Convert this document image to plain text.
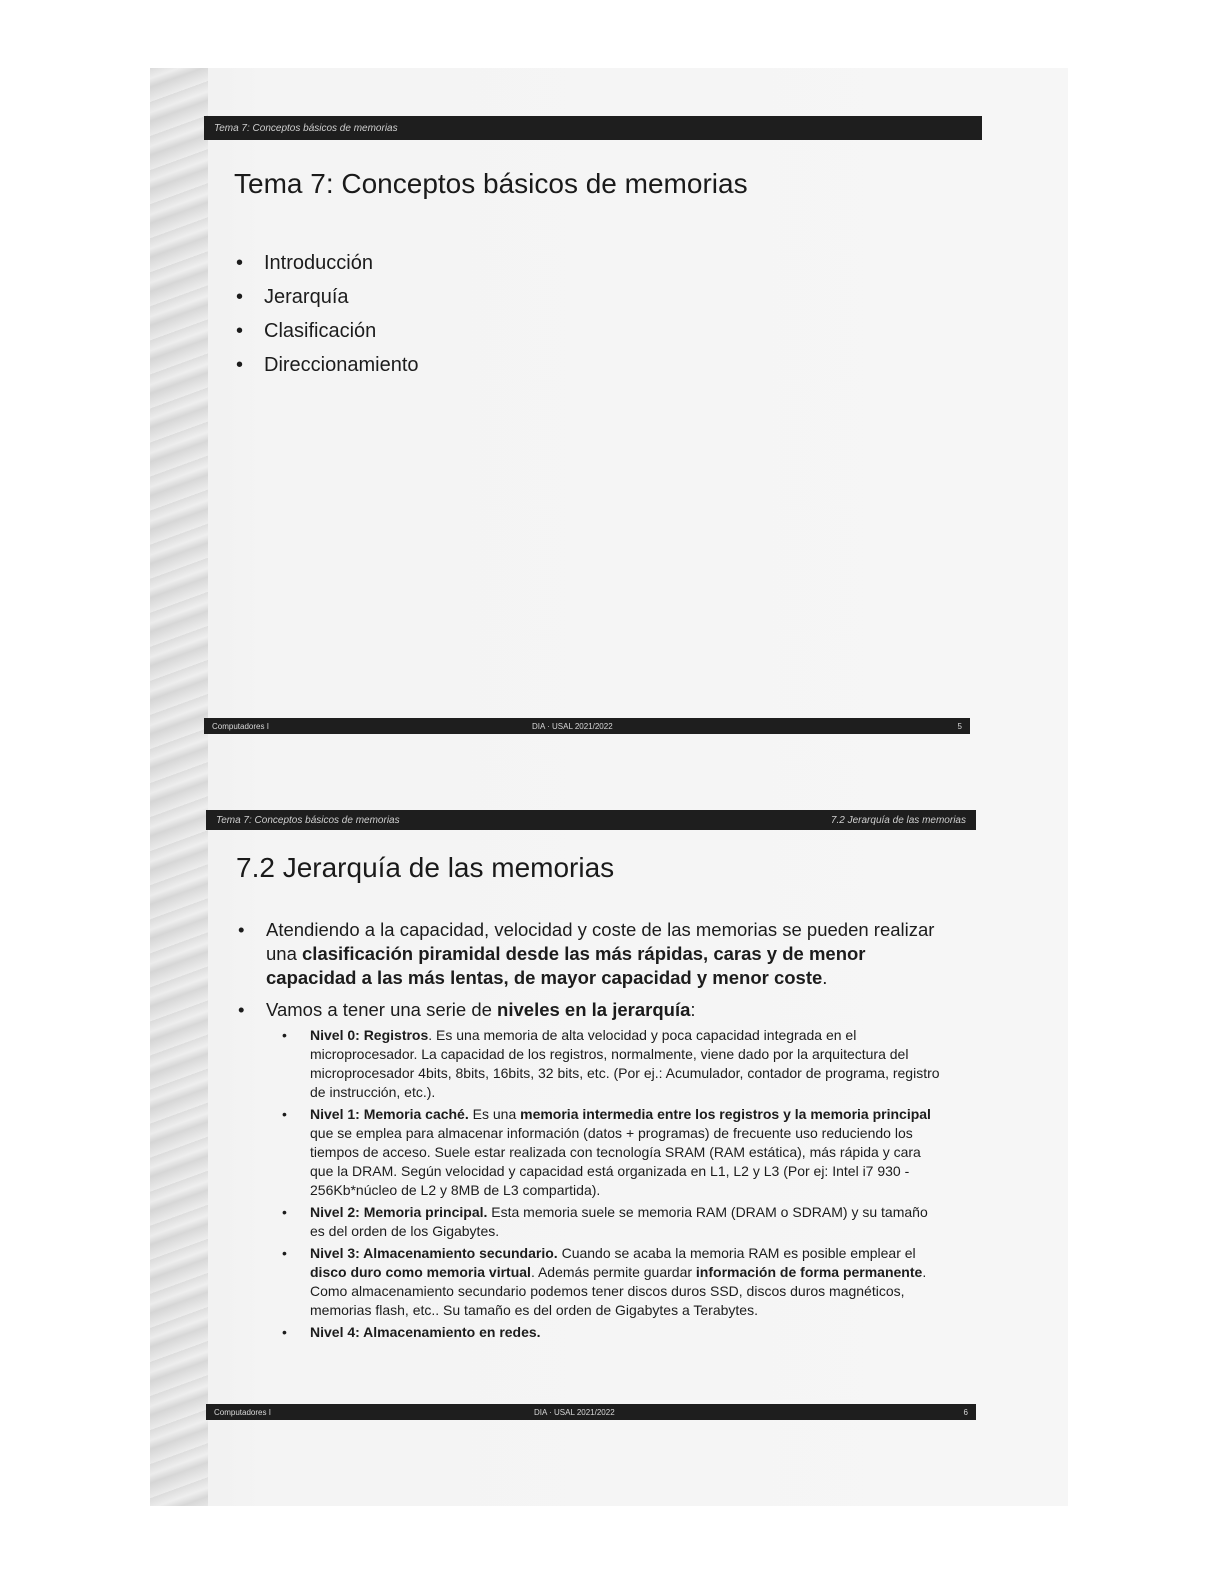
Tema 7: Conceptos básicos de memorias
Tema 7: Conceptos básicos de memorias
• Introducción
• Jerarquía
• Clasificación
• Direccionamiento
Computadores I	DIA · USAL 2021/2022	5
Tema 7: Conceptos básicos de memorias	7.2 Jerarquía de las memorias
7.2 Jerarquía de las memorias
• Atendiendo a la capacidad, velocidad y coste de las memorias se pueden realizar una clasificación piramidal desde las más rápidas, caras y de menor capacidad a las más lentas, de mayor capacidad y menor coste.
• Vamos a tener una serie de niveles en la jerarquía:
• Nivel 0: Registros. Es una memoria de alta velocidad y poca capacidad integrada en el microprocesador. La capacidad de los registros, normalmente, viene dado por la arquitectura del microprocesador 4bits, 8bits, 16bits, 32 bits, etc. (Por ej.: Acumulador, contador de programa, registro de instrucción, etc.).
• Nivel 1: Memoria caché. Es una memoria intermedia entre los registros y la memoria principal que se emplea para almacenar información (datos + programas) de frecuente uso reduciendo los tiempos de acceso. Suele estar realizada con tecnología SRAM (RAM estática), más rápida y cara que la DRAM. Según velocidad y capacidad está organizada en L1, L2 y L3 (Por ej: Intel i7 930 - 256Kb*núcleo de L2 y 8MB de L3 compartida).
• Nivel 2: Memoria principal. Esta memoria suele se memoria RAM (DRAM o SDRAM) y su tamaño es del orden de los Gigabytes.
• Nivel 3: Almacenamiento secundario. Cuando se acaba la memoria RAM es posible emplear el disco duro como memoria virtual. Además permite guardar información de forma permanente. Como almacenamiento secundario podemos tener discos duros SSD, discos duros magnéticos, memorias flash, etc.. Su tamaño es del orden de Gigabytes a Terabytes.
• Nivel 4: Almacenamiento en redes.
Computadores I	DIA · USAL 2021/2022	6
